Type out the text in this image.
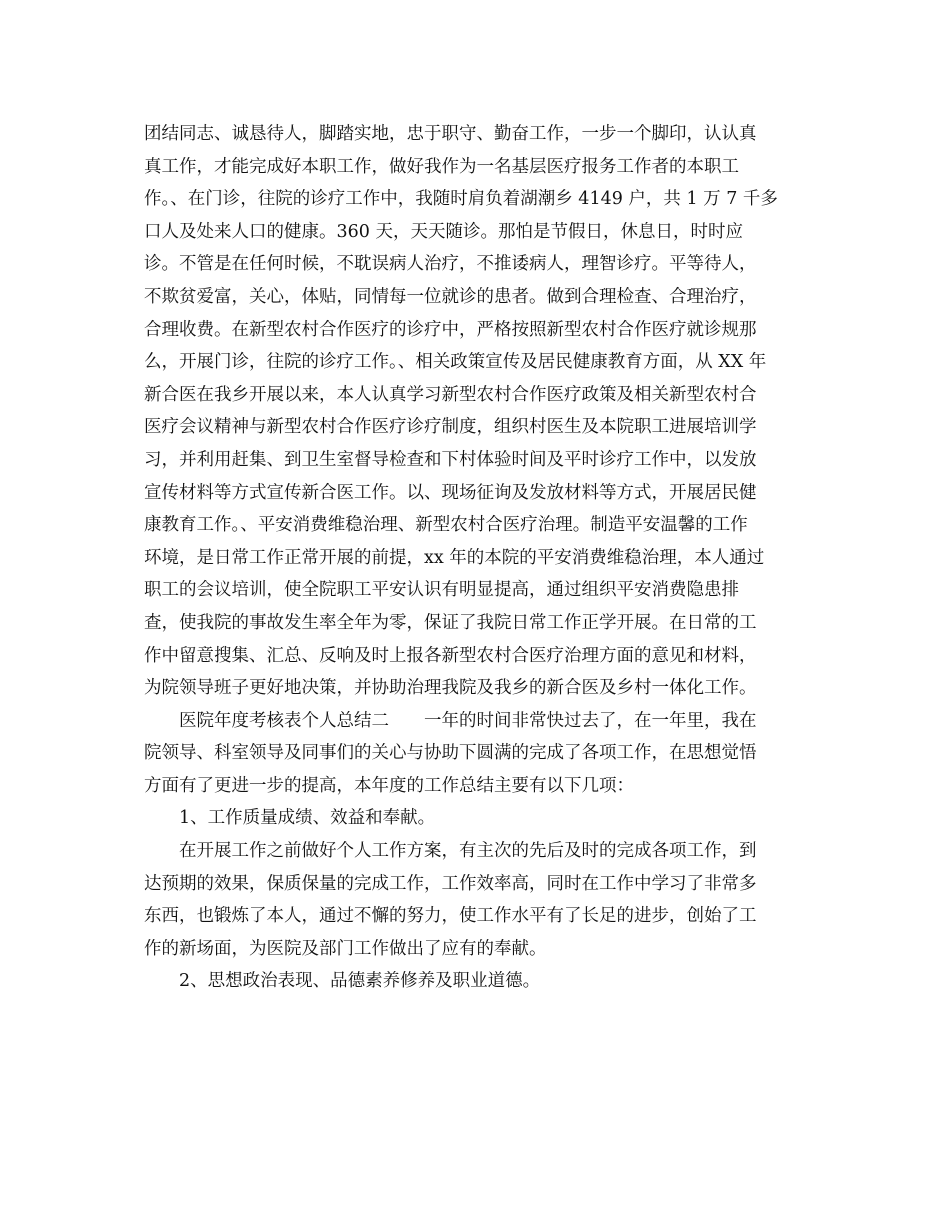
团结同志、诚恳待人，脚踏实地，忠于职守、勤奋工作，一步一个脚印，认认真
真工作，才能完成好本职工作，做好我作为一名基层医疗报务工作者的本职工
作。、在门诊，往院的诊疗工作中，我随时肩负着湖潮乡 4149 户，共 1 万 7 千多
口人及处来人口的健康。360 天，天天随诊。那怕是节假日，休息日，时时应
诊。不管是在任何时候，不耽误病人治疗，不推诿病人，理智诊疗。平等待人，
不欺贫爱富，关心，体贴，同情每一位就诊的患者。做到合理检查、合理治疗，
合理收费。在新型农村合作医疗的诊疗中，严格按照新型农村合作医疗就诊规那
么，开展门诊，往院的诊疗工作。、相关政策宣传及居民健康教育方面，从 XX 年
新合医在我乡开展以来，本人认真学习新型农村合作医疗政策及相关新型农村合
医疗会议精神与新型农村合作医疗诊疗制度，组织村医生及本院职工进展培训学
习，并利用赶集、到卫生室督导检查和下村体验时间及平时诊疗工作中，以发放
宣传材料等方式宣传新合医工作。以、现场征询及发放材料等方式，开展居民健
康教育工作。、平安消费维稳治理、新型农村合医疗治理。制造平安温馨的工作
环境，是日常工作正常开展的前提，xx 年的本院的平安消费维稳治理，本人通过
职工的会议培训，使全院职工平安认识有明显提高，通过组织平安消费隐患排
查，使我院的事故发生率全年为零，保证了我院日常工作正学开展。在日常的工
作中留意搜集、汇总、反响及时上报各新型农村合医疗治理方面的意见和材料，
为院领导班子更好地决策，并协助治理我院及我乡的新合医及乡村一体化工作。
医院年度考核表个人总结二　　一年的时间非常快过去了，在一年里，我在
院领导、科室领导及同事们的关心与协助下圆满的完成了各项工作，在思想觉悟
方面有了更进一步的提高，本年度的工作总结主要有以下几项：
1、工作质量成绩、效益和奉献。
在开展工作之前做好个人工作方案，有主次的先后及时的完成各项工作，到
达预期的效果，保质保量的完成工作，工作效率高，同时在工作中学习了非常多
东西，也锻炼了本人，通过不懈的努力，使工作水平有了长足的进步，创始了工
作的新场面，为医院及部门工作做出了应有的奉献。
2、思想政治表现、品德素养修养及职业道德。
